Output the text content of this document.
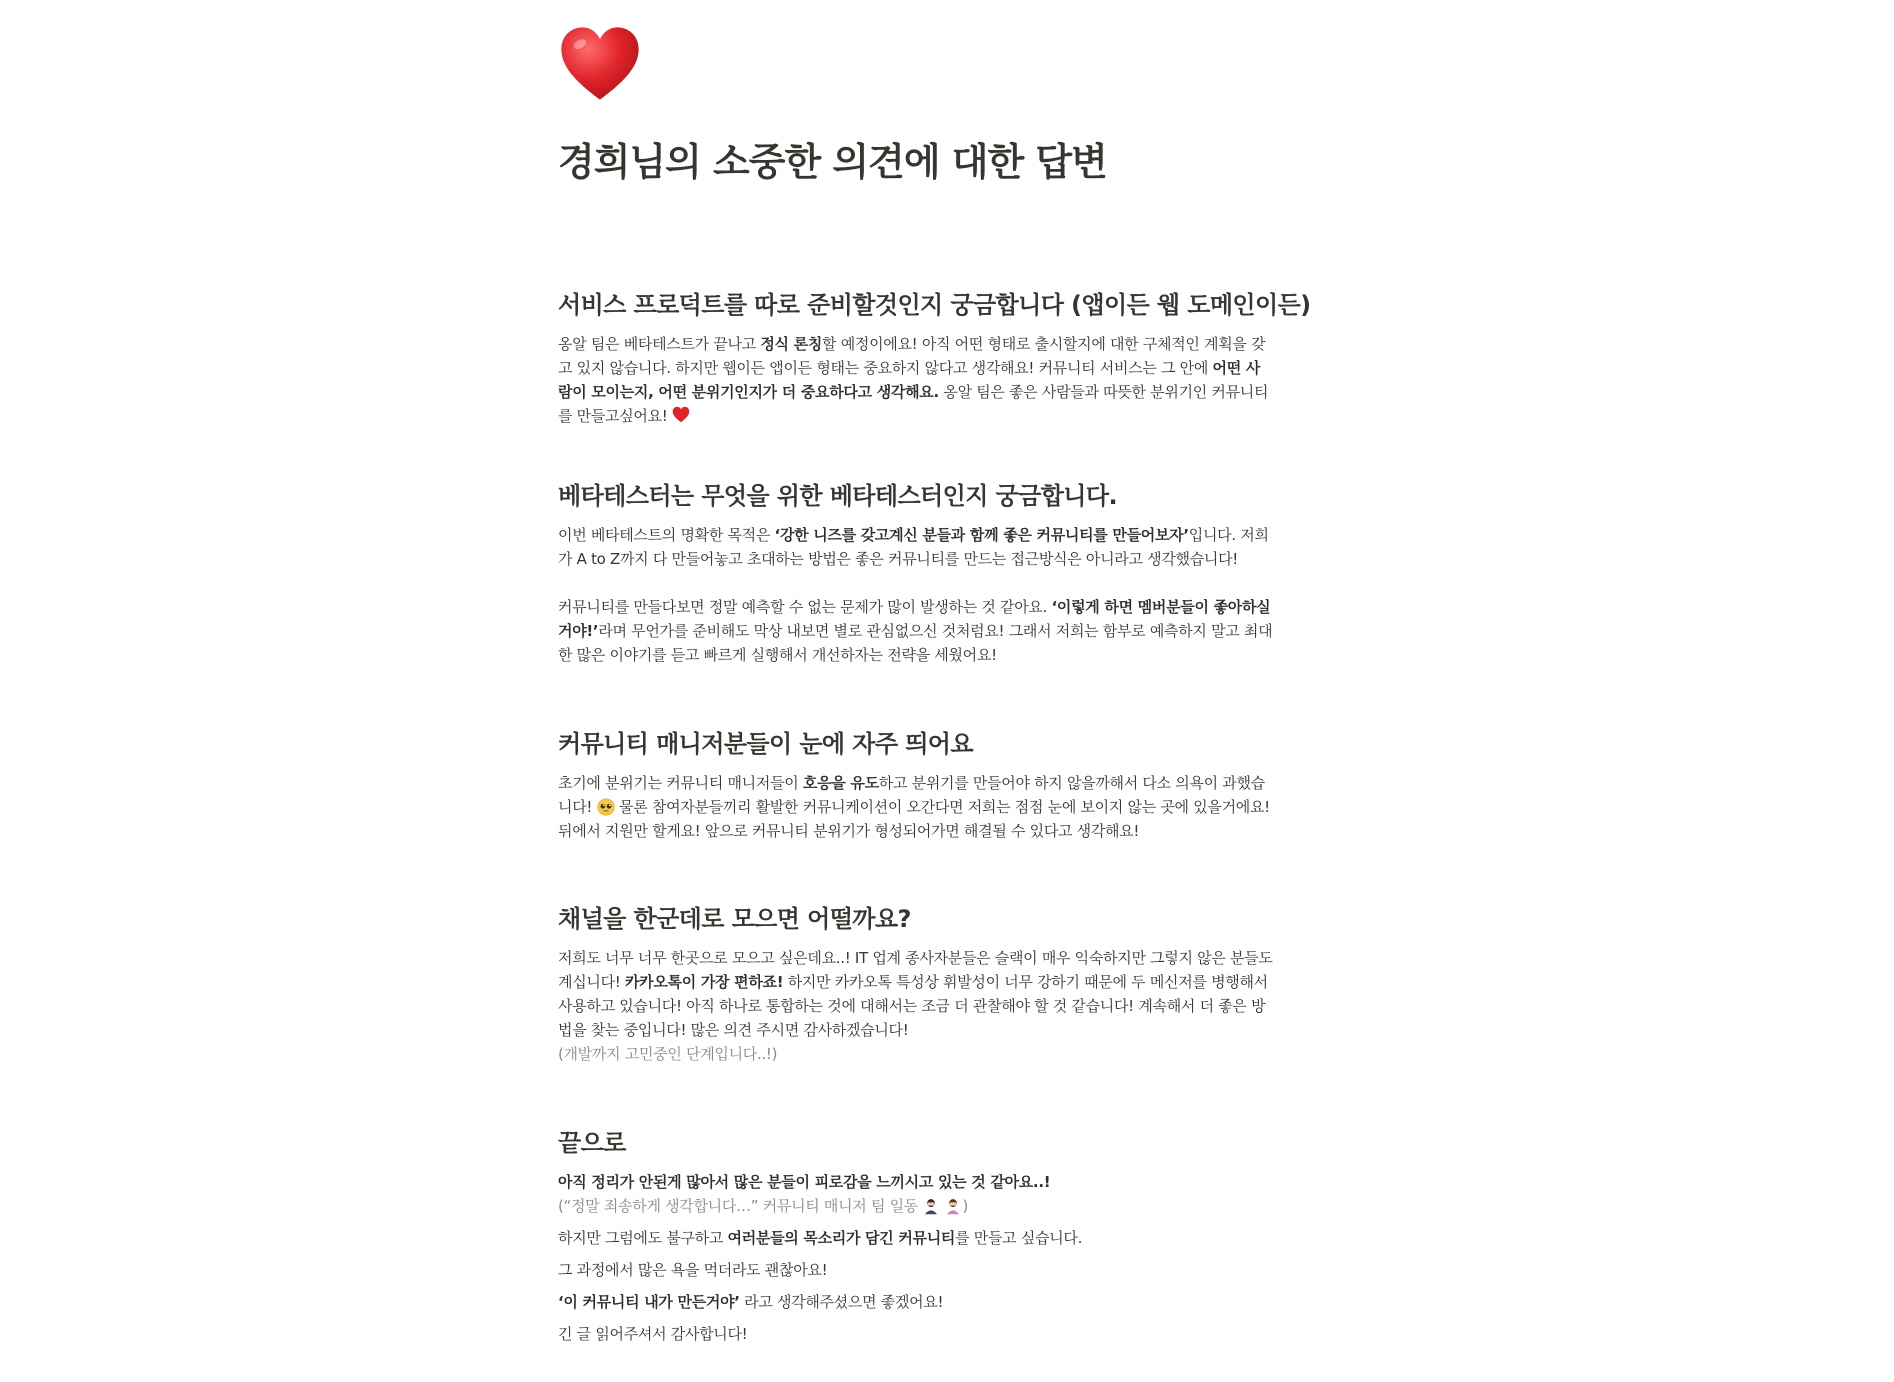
경희님의 소중한 의견에 대한 답변
서비스 프로덕트를 따로 준비할것인지 궁금합니다 (앱이든 웹 도메인이든)

옹알 팀은 베타테스트가 끝나고 정식 론칭할 예정이에요! 아직 어떤 형태로 출시할지에 대한 구체적인 계획을 갖고 있지 않습니다. 하지만 웹이든 앱이든 형태는 중요하지 않다고 생각해요! 커뮤니티 서비스는 그 안에 어떤 사람이 모이는지, 어떤 분위기인지가 더 중요하다고 생각해요. 옹알 팀은 좋은 사람들과 따뜻한 분위기인 커뮤니티를 만들고싶어요!

베타테스터는 무엇을 위한 베타테스터인지 궁금합니다.

이번 베타테스트의 명확한 목적은 ‘강한 니즈를 갖고계신 분들과 함께 좋은 커뮤니티를 만들어보자’입니다. 저희가 A to Z까지 다 만들어놓고 초대하는 방법은 좋은 커뮤니티를 만드는 접근방식은 아니라고 생각했습니다!

커뮤니티를 만들다보면 정말 예측할 수 없는 문제가 많이 발생하는 것 같아요. ‘이렇게 하면 멤버분들이 좋아하실거야!’라며 무언가를 준비해도 막상 내보면 별로 관심없으신 것처럼요! 그래서 저희는 함부로 예측하지 말고 최대한 많은 이야기를 듣고 빠르게 실행해서 개선하자는 전략을 세웠어요!

커뮤니티 매니저분들이 눈에 자주 띄어요

초기에 분위기는 커뮤니티 매니저들이 호응을 유도하고 분위기를 만들어야 하지 않을까해서 다소 의욕이 과했습니다!  물론 참여자분들끼리 활발한 커뮤니케이션이 오간다면 저희는 점점 눈에 보이지 않는 곳에 있을거에요! 뒤에서 지원만 할게요! 앞으로 커뮤니티 분위기가 형성되어가면 해결될 수 있다고 생각해요!

채널을 한군데로 모으면 어떨까요?

저희도 너무 너무 한곳으로 모으고 싶은데요..! IT 업계 종사자분들은 슬랙이 매우 익숙하지만 그렇지 않은 분들도 계십니다! 카카오톡이 가장 편하죠! 하지만 카카오톡 특성상 휘발성이 너무 강하기 때문에 두 메신저를 병행해서 사용하고 있습니다! 아직 하나로 통합하는 것에 대해서는 조금 더 관찰해야 할 것 같습니다! 계속해서 더 좋은 방법을 찾는 중입니다! 많은 의견 주시면 감사하겠습니다!

(개발까지 고민중인 단계입니다..!)

끝으로

아직 정리가 안된게 많아서 많은 분들이 피로감을 느끼시고 있는 것 같아요..!

(“정말 죄송하게 생각합니다…” 커뮤니티 매니저 팀 일동	)

하지만 그럼에도 불구하고 여러분들의 목소리가 담긴 커뮤니티를 만들고 싶습니다.

그 과정에서 많은 욕을 먹더라도 괜찮아요!

‘이 커뮤니티 내가 만든거야’ 라고 생각해주셨으면 좋겠어요!

긴 글 읽어주셔서 감사합니다!
